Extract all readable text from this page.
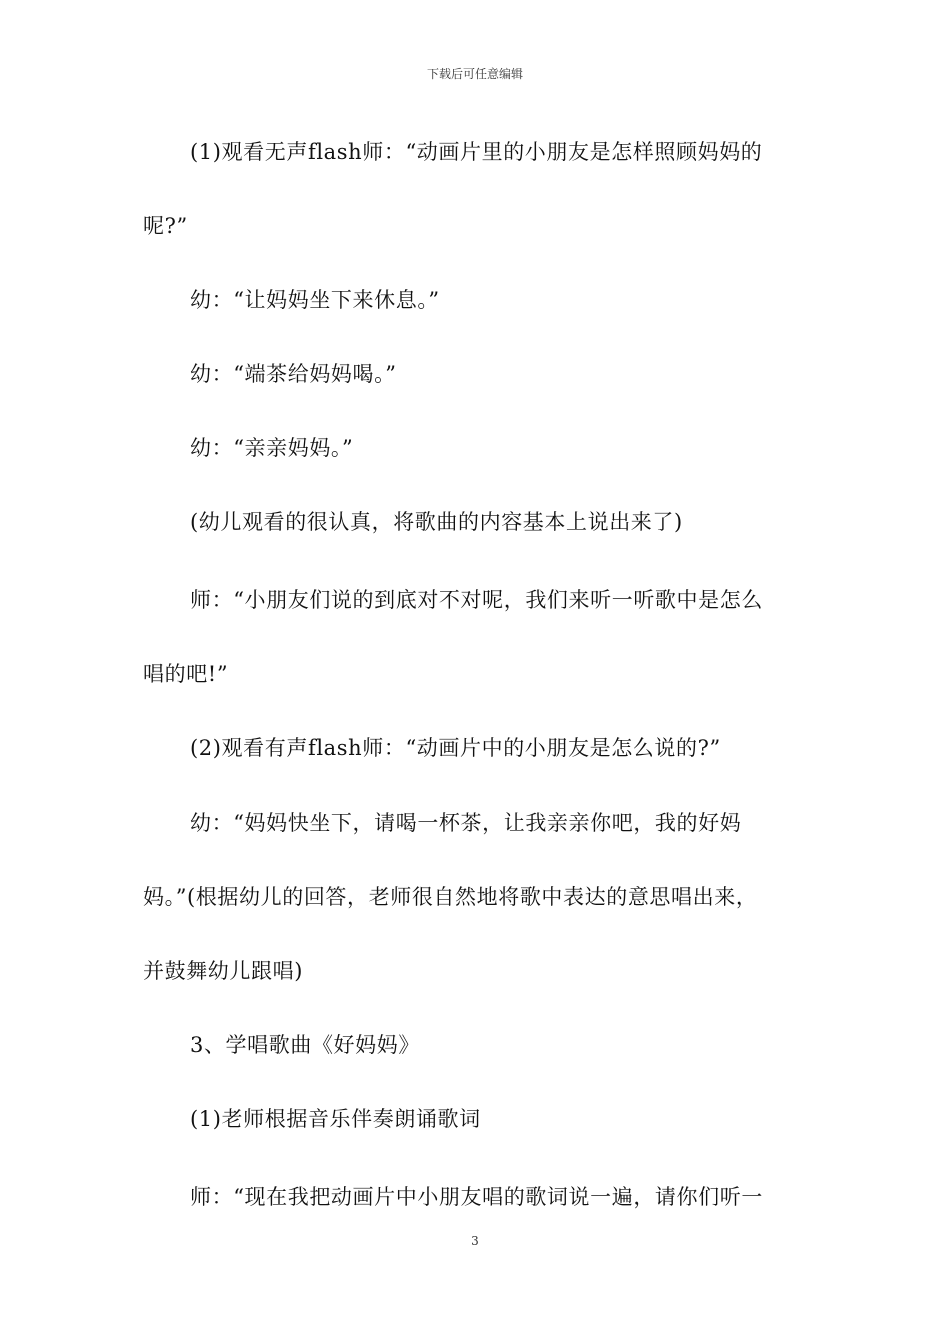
下载后可任意编辑
(1)观看无声flash师：“动画片里的小朋友是怎样照顾妈妈的
呢?”
幼：“让妈妈坐下来休息。”
幼：“端茶给妈妈喝。”
幼：“亲亲妈妈。”
(幼儿观看的很认真，将歌曲的内容基本上说出来了)
师：“小朋友们说的到底对不对呢，我们来听一听歌中是怎么
唱的吧!”
(2)观看有声flash师：“动画片中的小朋友是怎么说的?”
幼：“妈妈快坐下，请喝一杯茶，让我亲亲你吧，我的好妈
妈。”(根据幼儿的回答，老师很自然地将歌中表达的意思唱出来，
并鼓舞幼儿跟唱)
3、学唱歌曲《好妈妈》
(1)老师根据音乐伴奏朗诵歌词
师：“现在我把动画片中小朋友唱的歌词说一遍，请你们听一
3
